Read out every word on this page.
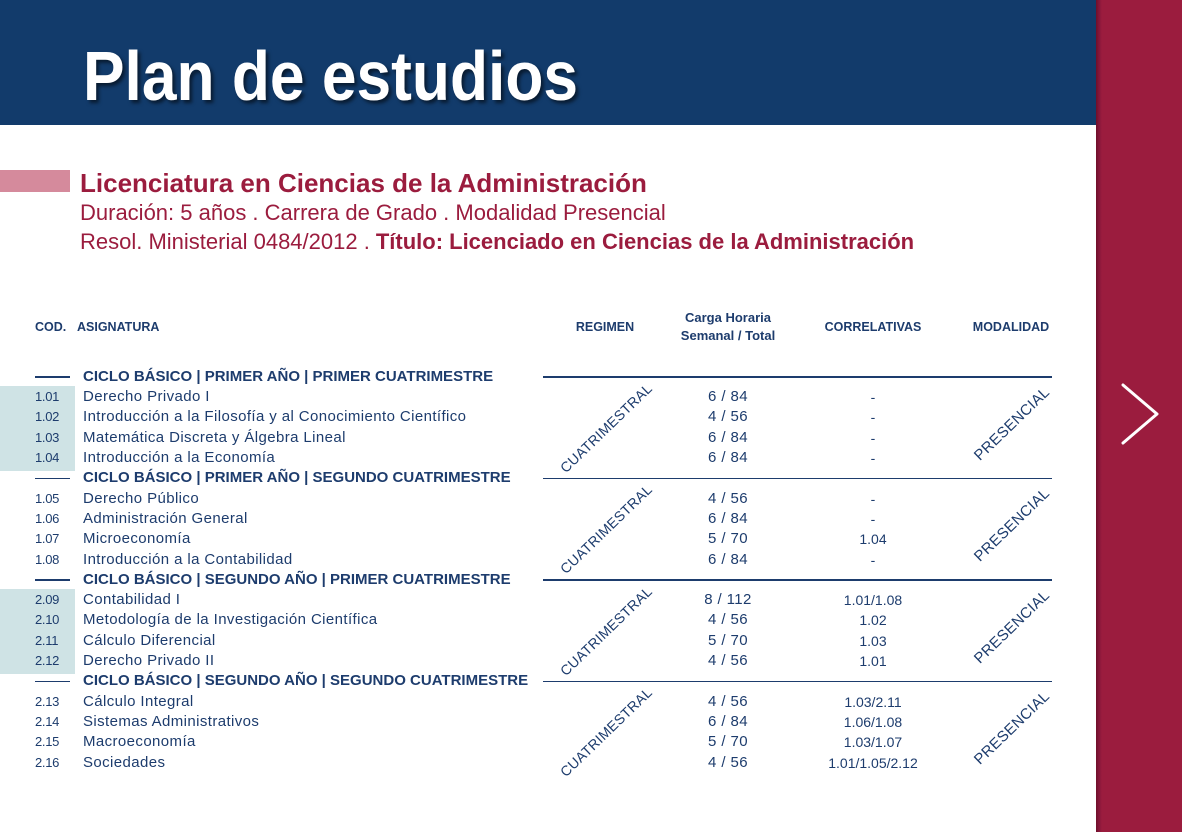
Plan de estudios
Licenciatura en Ciencias de la Administración
Duración: 5 años . Carrera de Grado . Modalidad Presencial
Resol. Ministerial 0484/2012 . Título: Licenciado en Ciencias de la Administración
COD. ASIGNATURA	REGIMEN
Carga Horaria
Semanal / Total
CORRELATIVAS	MODALIDAD
CICLO BÁSICO | PRIMER AÑO | PRIMER CUATRIMESTRE
CUATRIMESTRAL	PRESENCIAL
1.01 Derecho Privado I	6 / 84	-
1.02 Introducción a la Filosofía y al Conocimiento Científico	4 / 56	-
1.03 Matemática Discreta y Álgebra Lineal	6 / 84	-
1.04 Introducción a la Economía	6 / 84	-
CICLO BÁSICO | PRIMER AÑO | SEGUNDO CUATRIMESTRE
CUATRIMESTRAL	PRESENCIAL
1.05 Derecho Público	4 / 56	-
1.06 Administración General	6 / 84	-
1.07 Microeconomía	5 / 70	1.04
1.08 Introducción a la Contabilidad	6 / 84	-
CICLO BÁSICO | SEGUNDO AÑO | PRIMER CUATRIMESTRE
CUATRIMESTRAL	PRESENCIAL
2.09 Contabilidad I	8 / 112	1.01/1.08
2.10 Metodología de la Investigación Científica	4 / 56	1.02
2.11 Cálculo Diferencial	5 / 70	1.03
2.12 Derecho Privado II	4 / 56	1.01
CICLO BÁSICO | SEGUNDO AÑO | SEGUNDO CUATRIMESTRE
CUATRIMESTRAL	PRESENCIAL
2.13 Cálculo Integral	4 / 56	1.03/2.11
2.14 Sistemas Administrativos	6 / 84	1.06/1.08
2.15 Macroeconomía	5 / 70	1.03/1.07
2.16 Sociedades	4 / 56	1.01/1.05/2.12
